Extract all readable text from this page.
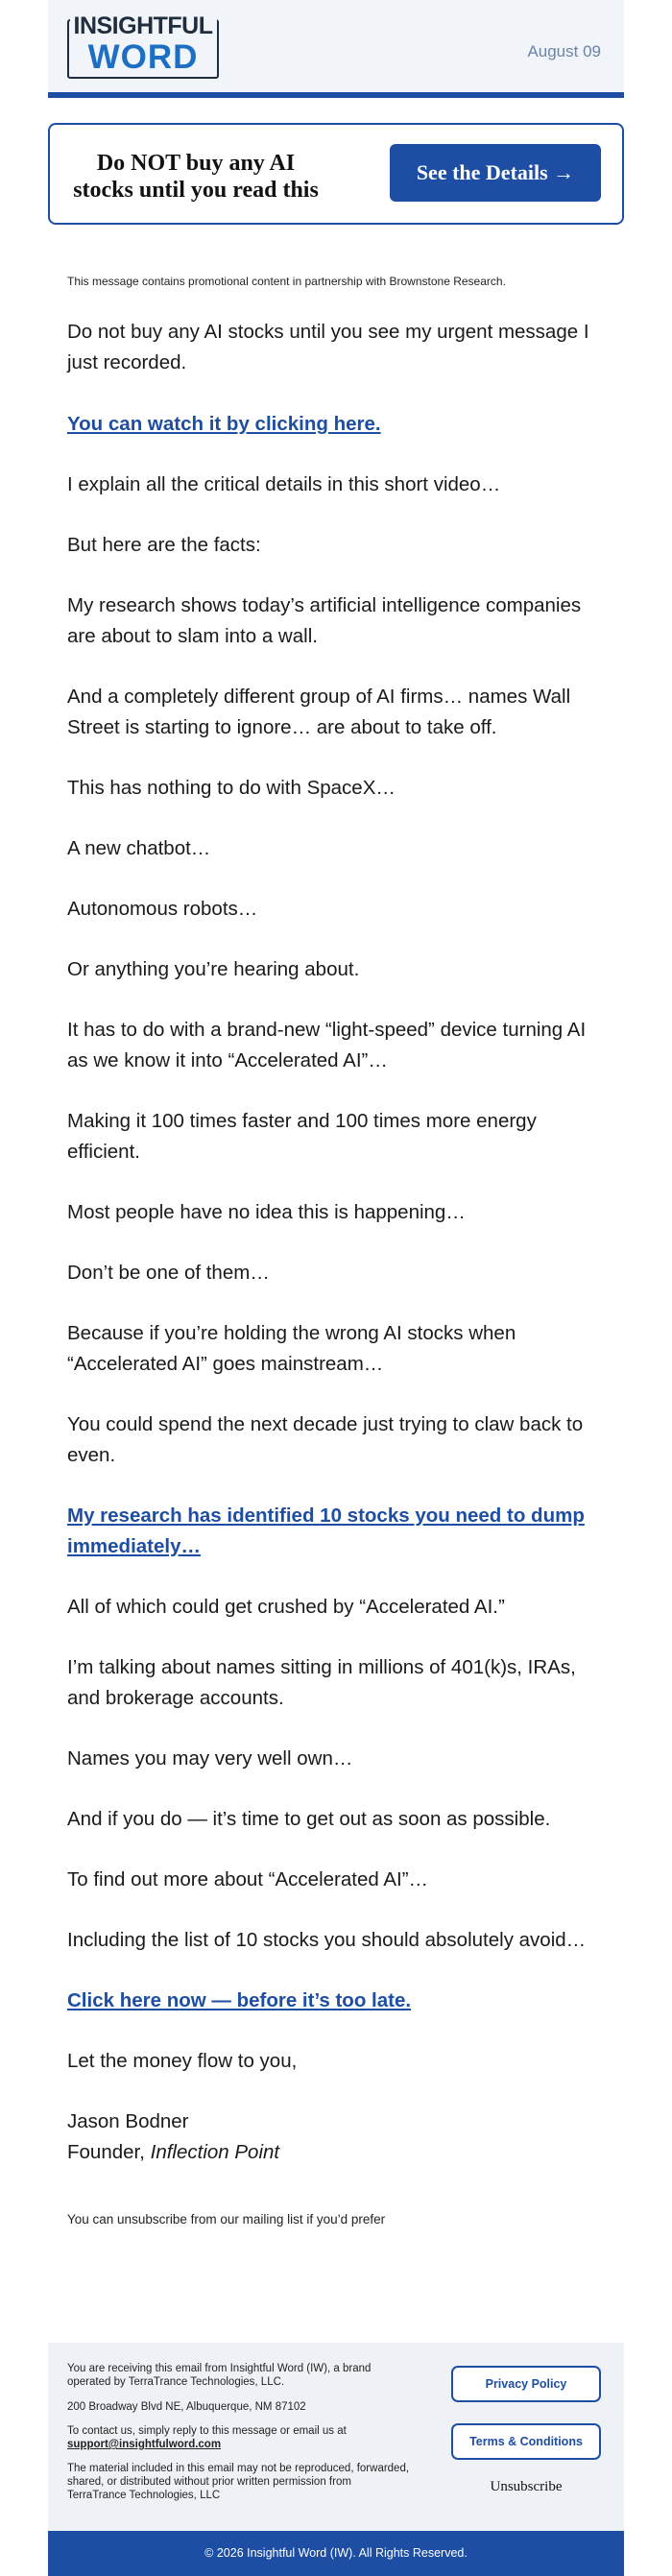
INSIGHTFUL
WORD	August 09
Do NOT buy any AI stocks until you read this
See the Details →
This message contains promotional content in partnership with Brownstone Research.
Do not buy any AI stocks until you see my urgent message I just recorded.
You can watch it by clicking here.
I explain all the critical details in this short video…
But here are the facts:
My research shows today’s artificial intelligence companies are about to slam into a wall.
And a completely different group of AI firms… names Wall Street is starting to ignore… are about to take off.
This has nothing to do with SpaceX…
A new chatbot…
Autonomous robots…
Or anything you’re hearing about.
It has to do with a brand-new “light-speed” device turning AI as we know it into “Accelerated AI”…
Making it 100 times faster and 100 times more energy efficient.
Most people have no idea this is happening…
Don’t be one of them…
Because if you’re holding the wrong AI stocks when “Accelerated AI” goes mainstream…
You could spend the next decade just trying to claw back to even.
My research has identified 10 stocks you need to dump immediately…
All of which could get crushed by “Accelerated AI.”
I’m talking about names sitting in millions of 401(k)s, IRAs, and brokerage accounts.
Names you may very well own…
And if you do — it’s time to get out as soon as possible.
To find out more about “Accelerated AI”…
Including the list of 10 stocks you should absolutely avoid…
Click here now — before it’s too late.
Let the money flow to you,
Jason Bodner
Founder, Inflection Point
You can unsubscribe from our mailing list if you’d prefer
You are receiving this email from Insightful Word (IW), a brand operated by TerraTrance Technologies, LLC.
200 Broadway Blvd NE, Albuquerque, NM 87102
To contact us, simply reply to this message or email us at
support@insightfulword.com
The material included in this email may not be reproduced, forwarded, shared, or distributed without prior written permission from TerraTrance Technologies, LLC
Privacy Policy
Terms & Conditions
Unsubscribe
© 2026 Insightful Word (IW). All Rights Reserved.
